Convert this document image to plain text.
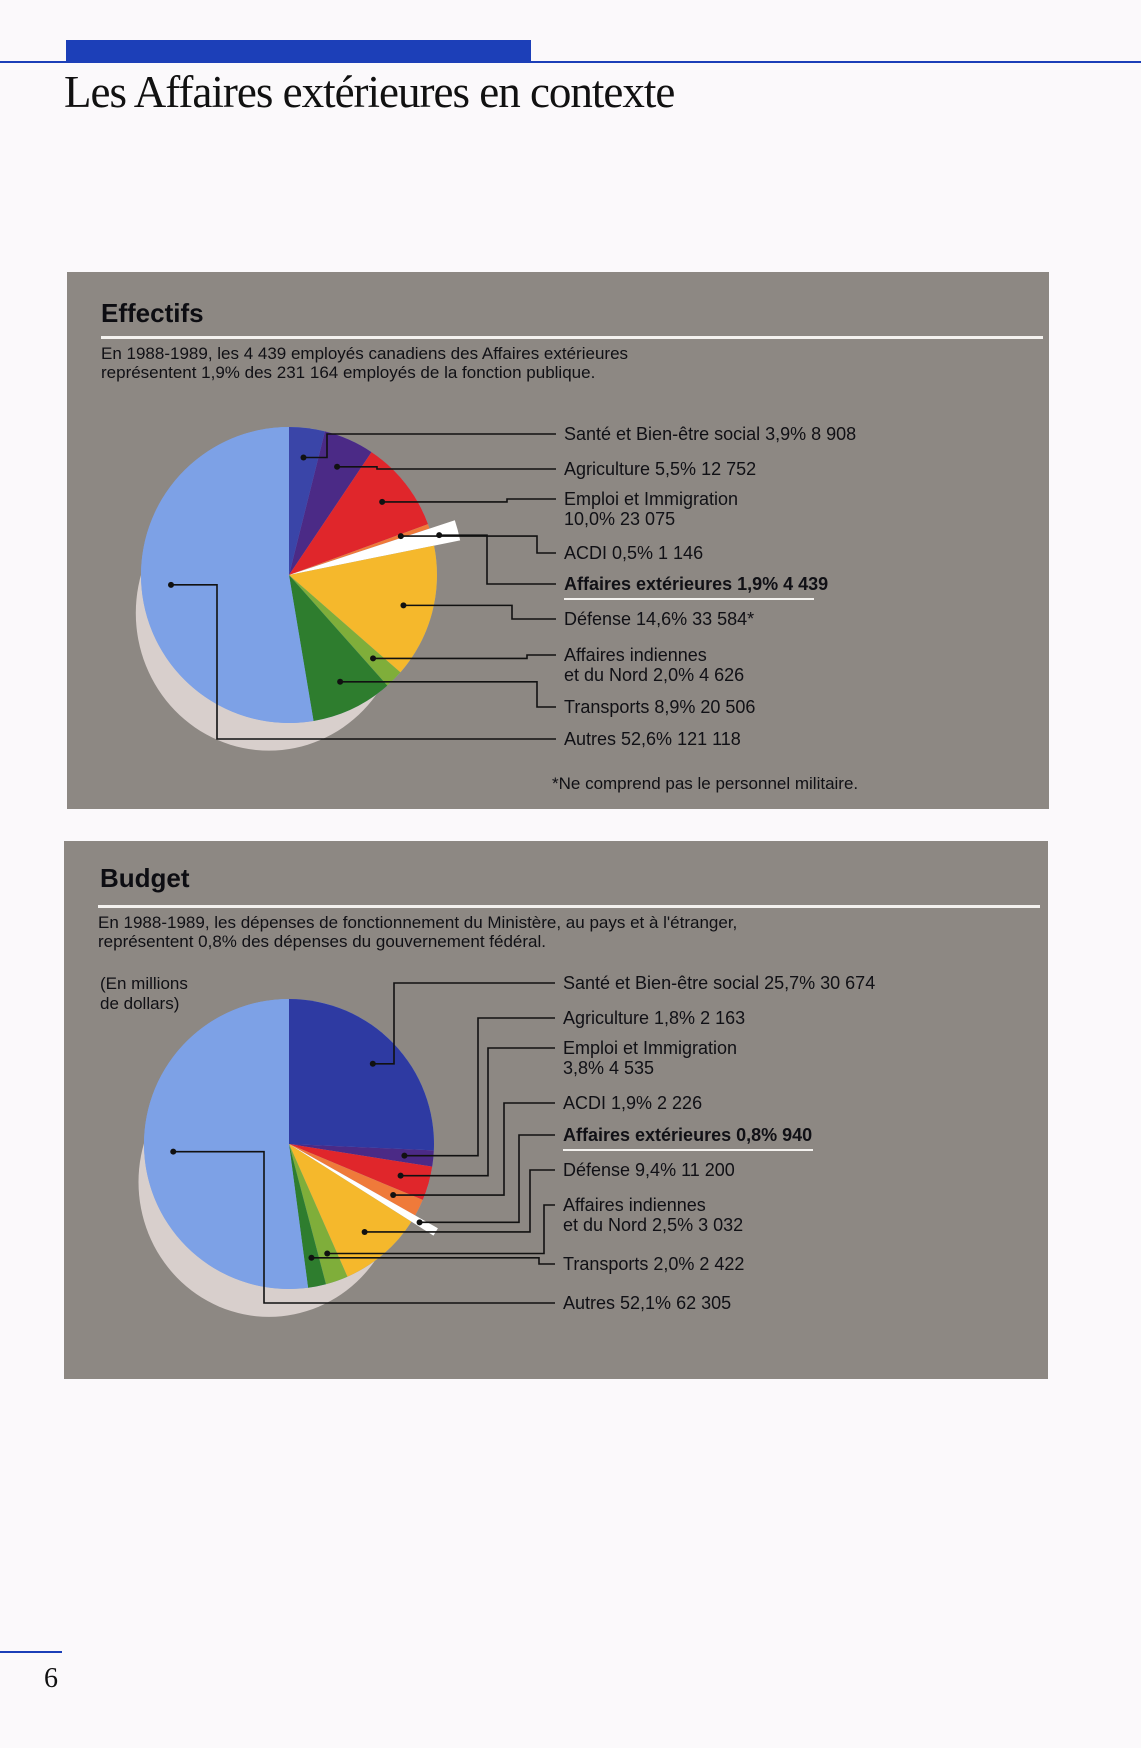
Les Affaires extérieures en contexte
Effectifs
En 1988-1989, les 4 439 employés canadiens des Affaires extérieures
représentent 1,9% des 231 164 employés de la fonction publique.
Santé et Bien-être social 3,9% 8 908
Agriculture 5,5% 12 752
Emploi et Immigration
10,0% 23 075
ACDI 0,5% 1 146
Affaires extérieures 1,9% 4 439
Défense 14,6% 33 584*
Affaires indiennes
et du Nord 2,0% 4 626
Transports 8,9% 20 506
Autres 52,6% 121 118
*Ne comprend pas le personnel militaire.
Budget
En 1988-1989, les dépenses de fonctionnement du Ministère, au pays et à l'étranger,
représentent 0,8% des dépenses du gouvernement fédéral.
(En millions
de dollars)
Santé et Bien-être social 25,7% 30 674
Agriculture 1,8% 2 163
Emploi et Immigration
3,8% 4 535
ACDI 1,9% 2 226
Affaires extérieures 0,8% 940
Défense 9,4% 11 200
Affaires indiennes
et du Nord 2,5% 3 032
Transports 2,0% 2 422
Autres 52,1% 62 305
6
